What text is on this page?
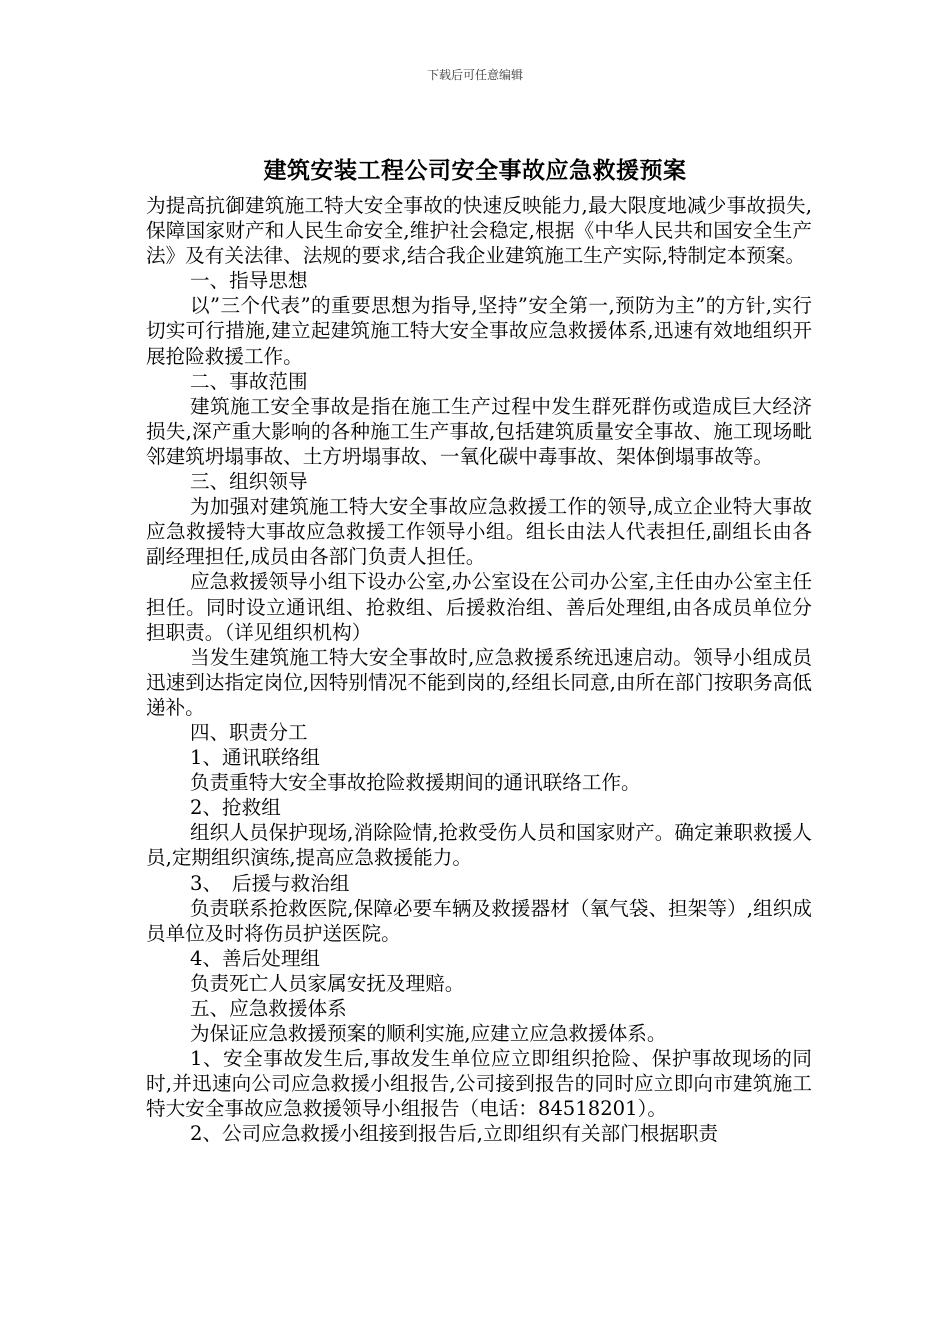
下载后可任意编辑
建筑安装工程公司安全事故应急救援预案

为提高抗御建筑施工特大安全事故的快速反映能力,最大限度地减少事故损失,保障国家财产和人民生命安全,维护社会稳定,根据《中华人民共和国安全生产法》及有关法律、法规的要求,结合我企业建筑施工生产实际,特制定本预案。

一、指导思想

以”三个代表”的重要思想为指导,坚持”安全第一,预防为主”的方针,实行切实可行措施,建立起建筑施工特大安全事故应急救援体系,迅速有效地组织开展抢险救援工作。

二、事故范围

建筑施工安全事故是指在施工生产过程中发生群死群伤或造成巨大经济损失,深产重大影响的各种施工生产事故,包括建筑质量安全事故、施工现场毗邻建筑坍塌事故、土方坍塌事故、一氧化碳中毒事故、架体倒塌事故等。

三、组织领导

为加强对建筑施工特大安全事故应急救援工作的领导,成立企业特大事故应急救援特大事故应急救援工作领导小组。组长由法人代表担任,副组长由各副经理担任,成员由各部门负责人担任。

应急救援领导小组下设办公室,办公室设在公司办公室,主任由办公室主任担任。同时设立通讯组、抢救组、后援救治组、善后处理组,由各成员单位分担职责。（详见组织机构）

当发生建筑施工特大安全事故时,应急救援系统迅速启动。领导小组成员迅速到达指定岗位,因特别情况不能到岗的,经组长同意,由所在部门按职务高低递补。

四、职责分工

1、通讯联络组

负责重特大安全事故抢险救援期间的通讯联络工作。

2、抢救组

组织人员保护现场,消除险情,抢救受伤人员和国家财产。确定兼职救援人员,定期组织演练,提高应急救援能力。

3、　后援与救治组

负责联系抢救医院,保障必要车辆及救援器材（氧气袋、担架等）,组织成员单位及时将伤员护送医院。

4、善后处理组

负责死亡人员家属安抚及理赔。

五、应急救援体系

为保证应急救援预案的顺利实施,应建立应急救援体系。

1、安全事故发生后,事故发生单位应立即组织抢险、保护事故现场的同时,并迅速向公司应急救援小组报告,公司接到报告的同时应立即向市建筑施工特大安全事故应急救援领导小组报告（电话：84518201）。

2、公司应急救援小组接到报告后,立即组织有关部门根据职责
